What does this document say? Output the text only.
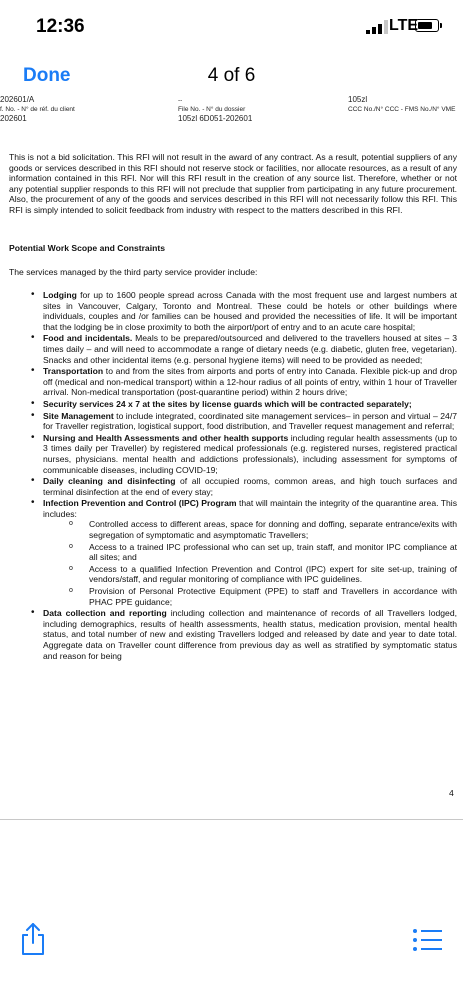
12:36	LTE
4 of 6
Done
202601/A
f. No. - N° de réf. du client
202601
--
File No. - N° du dossier
105zl 6D051-202601
105zl
CCC No./N° CCC - FMS No./N° VME
This is not a bid solicitation. This RFI will not result in the award of any contract. As a result, potential suppliers of any goods or services described in this RFI should not reserve stock or facilities, nor allocate resources, as a result of any information contained in this RFI. Nor will this RFI result in the creation of any source list. Therefore, whether or not any potential supplier responds to this RFI will not preclude that supplier from participating in any future procurement. Also, the procurement of any of the goods and services described in this RFI will not necessarily follow this RFI. This RFI is simply intended to solicit feedback from industry with respect to the matters described in this RFI.
Potential Work Scope and Constraints
The services managed by the third party service provider include:
• Lodging for up to 1600 people spread across Canada with the most frequent use and largest numbers at sites in Vancouver, Calgary, Toronto and Montreal. These could be hotels or other buildings where individuals, couples and /or families can be housed and provided the necessities of life. It will be important that the lodging be in close proximity to both the airport/port of entry and to an acute care hospital;
• Food and incidentals. Meals to be prepared/outsourced and delivered to the travellers housed at sites – 3 times daily – and will need to accommodate a range of dietary needs (e.g. diabetic, gluten free, vegetarian). Snacks and other incidental items (e.g. personal hygiene items) will need to be provided as needed;
• Transportation to and from the sites from airports and ports of entry into Canada. Flexible pick-up and drop off (medical and non-medical transport) within a 12-hour radius of all points of entry, within 1 hour of Traveller arrival. Non-medical transportation (post-quarantine period) within 2 hours drive;
• Security services 24 x 7 at the sites by license guards which will be contracted separately;
• Site Management to include integrated, coordinated site management services– in person and virtual – 24/7 for Traveller registration, logistical support, food distribution, and Traveller request management and referral;
• Nursing and Health Assessments and other health supports including regular health assessments (up to 3 times daily per Traveller) by registered medical professionals (e.g. registered nurses, registered practical nurses, physicians. mental health and addictions professionals), including assessment for symptoms of communicable diseases, including COVID-19;
• Daily cleaning and disinfecting of all occupied rooms, common areas, and high touch surfaces and terminal disinfection at the end of every stay;
• Infection Prevention and Control (IPC) Program that will maintain the integrity of the quarantine area. This includes:
o Controlled access to different areas, space for donning and doffing, separate entrance/exits with segregation of symptomatic and asymptomatic Travellers;
o Access to a trained IPC professional who can set up, train staff, and monitor IPC compliance at all sites; and
o Access to a qualified Infection Prevention and Control (IPC) expert for site set-up, training of vendors/staff, and regular monitoring of compliance with IPC guidelines.
o Provision of Personal Protective Equipment (PPE) to staff and Travellers in accordance with PHAC PPE guidance;
• Data collection and reporting including collection and maintenance of records of all Travellers lodged, including demographics, results of health assessments, health status, medication provision, mental health status, and total number of new and existing Travellers lodged and released by date and year to date total. Aggregate data on Traveller count difference from previous day as well as stratified by symptomatic status and reason for being
4
